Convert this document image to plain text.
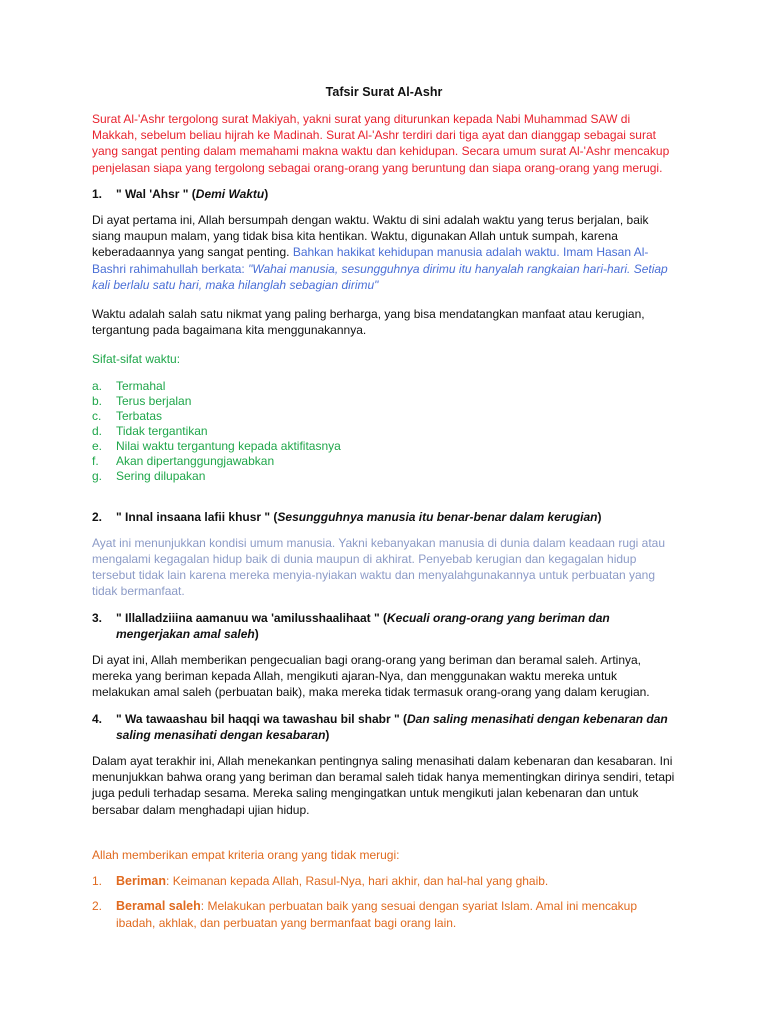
Tafsir Surat Al-Ashr

Surat Al-'Ashr tergolong surat Makiyah, yakni surat yang diturunkan kepada Nabi Muhammad SAW di Makkah, sebelum beliau hijrah ke Madinah. Surat Al-'Ashr terdiri dari tiga ayat dan dianggap sebagai surat yang sangat penting dalam memahami makna waktu dan kehidupan. Secara umum surat Al-'Ashr mencakup penjelasan siapa yang tergolong sebagai orang-orang yang beruntung dan siapa orang-orang yang merugi.

1.	" Wal 'Ahsr " (Demi Waktu)

Di ayat pertama ini, Allah bersumpah dengan waktu. Waktu di sini adalah waktu yang terus berjalan, baik siang maupun malam, yang tidak bisa kita hentikan. Waktu, digunakan Allah untuk sumpah, karena keberadaannya yang sangat penting. Bahkan hakikat kehidupan manusia adalah waktu. Imam Hasan Al-Bashri rahimahullah berkata: "Wahai manusia, sesungguhnya dirimu itu hanyalah rangkaian hari-hari. Setiap kali berlalu satu hari, maka hilanglah sebagian dirimu"

Waktu adalah salah satu nikmat yang paling berharga, yang bisa mendatangkan manfaat atau kerugian, tergantung pada bagaimana kita menggunakannya.

Sifat-sifat waktu:

a.	Termahal
b.	Terus berjalan
c.	Terbatas
d.	Tidak tergantikan
e.	Nilai waktu tergantung kepada aktifitasnya
f.	Akan dipertanggungjawabkan
g.	Sering dilupakan
2.	" Innal insaana lafii khusr " (Sesungguhnya manusia itu benar-benar dalam kerugian)

Ayat ini menunjukkan kondisi umum manusia. Yakni kebanyakan manusia di dunia dalam keadaan rugi atau mengalami kegagalan hidup baik di dunia maupun di akhirat. Penyebab kerugian dan kegagalan hidup tersebut tidak lain karena mereka menyia-nyiakan waktu dan menyalahgunakannya untuk perbuatan yang tidak bermanfaat.

3.	" Illalladziiina aamanuu wa 'amilusshaalihaat " (Kecuali orang-orang yang beriman dan mengerjakan amal saleh)

Di ayat ini, Allah memberikan pengecualian bagi orang-orang yang beriman dan beramal saleh. Artinya, mereka yang beriman kepada Allah, mengikuti ajaran-Nya, dan menggunakan waktu mereka untuk melakukan amal saleh (perbuatan baik), maka mereka tidak termasuk orang-orang yang dalam kerugian.

4.	" Wa tawaashau bil haqqi wa tawashau bil shabr " (Dan saling menasihati dengan kebenaran dan saling menasihati dengan kesabaran)

Dalam ayat terakhir ini, Allah menekankan pentingnya saling menasihati dalam kebenaran dan kesabaran. Ini menunjukkan bahwa orang yang beriman dan beramal saleh tidak hanya mementingkan dirinya sendiri, tetapi juga peduli terhadap sesama. Mereka saling mengingatkan untuk mengikuti jalan kebenaran dan untuk bersabar dalam menghadapi ujian hidup.

Allah memberikan empat kriteria orang yang tidak merugi:

1.	Beriman: Keimanan kepada Allah, Rasul-Nya, hari akhir, dan hal-hal yang ghaib.
2.	Beramal saleh: Melakukan perbuatan baik yang sesuai dengan syariat Islam. Amal ini mencakup ibadah, akhlak, dan perbuatan yang bermanfaat bagi orang lain.
